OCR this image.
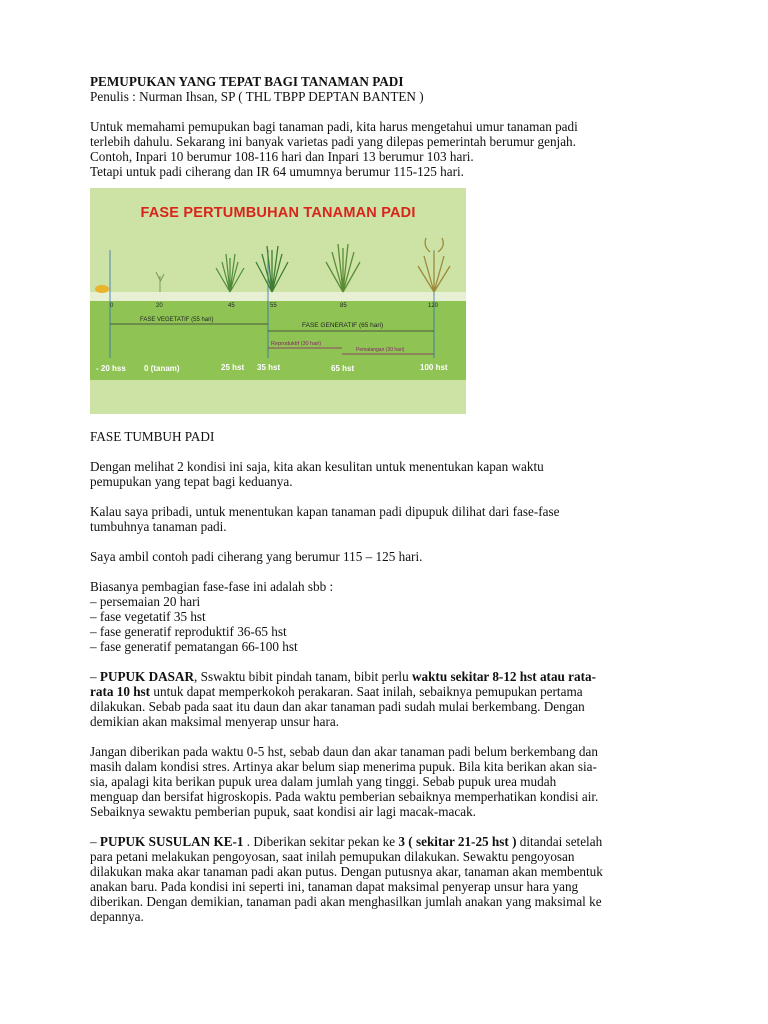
PEMUPUKAN YANG TEPAT BAGI TANAMAN PADI

Penulis : Nurman Ihsan, SP ( THL TBPP DEPTAN BANTEN )

Untuk memahami pemupukan bagi tanaman padi, kita harus mengetahui umur tanaman padi

terlebih dahulu. Sekarang ini banyak varietas padi yang dilepas pemerintah berumur genjah.

Contoh, Inpari 10 berumur 108-116 hari dan Inpari 13 berumur 103 hari.

Tetapi untuk padi ciherang dan IR 64 umumnya berumur 115-125 hari.

FASE PERTUMBUHAN TANAMAN PADI
0	20	45	55	85	120
FASE VEGETATIF (55 hari)
FASE GENERATIF (65 hari)
Reproduktif (30 hari)
Pematangan (30 hari)
- 20 hss 0 (tanam)	25 hst 35 hst	65 hst	100 hst

FASE TUMBUH PADI

Dengan melihat 2 kondisi ini saja, kita akan kesulitan untuk menentukan kapan waktu

pemupukan yang tepat bagi keduanya.

Kalau saya pribadi, untuk menentukan kapan tanaman padi dipupuk dilihat dari fase-fase

tumbuhnya tanaman padi.

Saya ambil contoh padi ciherang yang berumur 115 – 125 hari.

Biasanya pembagian fase-fase ini adalah sbb :

– persemaian 20 hari

– fase vegetatif 35 hst

– fase generatif reproduktif 36-65 hst

– fase generatif pematangan 66-100 hst

– PUPUK DASAR, Sswaktu bibit pindah tanam, bibit perlu waktu sekitar 8-12 hst atau rata-

rata 10 hst untuk dapat memperkokoh perakaran. Saat inilah, sebaiknya pemupukan pertama

dilakukan. Sebab pada saat itu daun dan akar tanaman padi sudah mulai berkembang. Dengan

demikian akan maksimal menyerap unsur hara.

Jangan diberikan pada waktu 0-5 hst, sebab daun dan akar tanaman padi belum berkembang dan

masih dalam kondisi stres. Artinya akar belum siap menerima pupuk. Bila kita berikan akan sia-

sia, apalagi kita berikan pupuk urea dalam jumlah yang tinggi. Sebab pupuk urea mudah

menguap dan bersifat higroskopis. Pada waktu pemberian sebaiknya memperhatikan kondisi air.

Sebaiknya sewaktu pemberian pupuk, saat kondisi air lagi macak-macak.

– PUPUK SUSULAN KE-1 . Diberikan sekitar pekan ke 3 ( sekitar 21-25 hst ) ditandai setelah

para petani melakukan pengoyosan, saat inilah pemupukan dilakukan. Sewaktu pengoyosan

dilakukan maka akar tanaman padi akan putus. Dengan putusnya akar, tanaman akan membentuk

anakan baru. Pada kondisi ini seperti ini, tanaman dapat maksimal penyerap unsur hara yang

diberikan. Dengan demikian, tanaman padi akan menghasilkan jumlah anakan yang maksimal ke

depannya.
